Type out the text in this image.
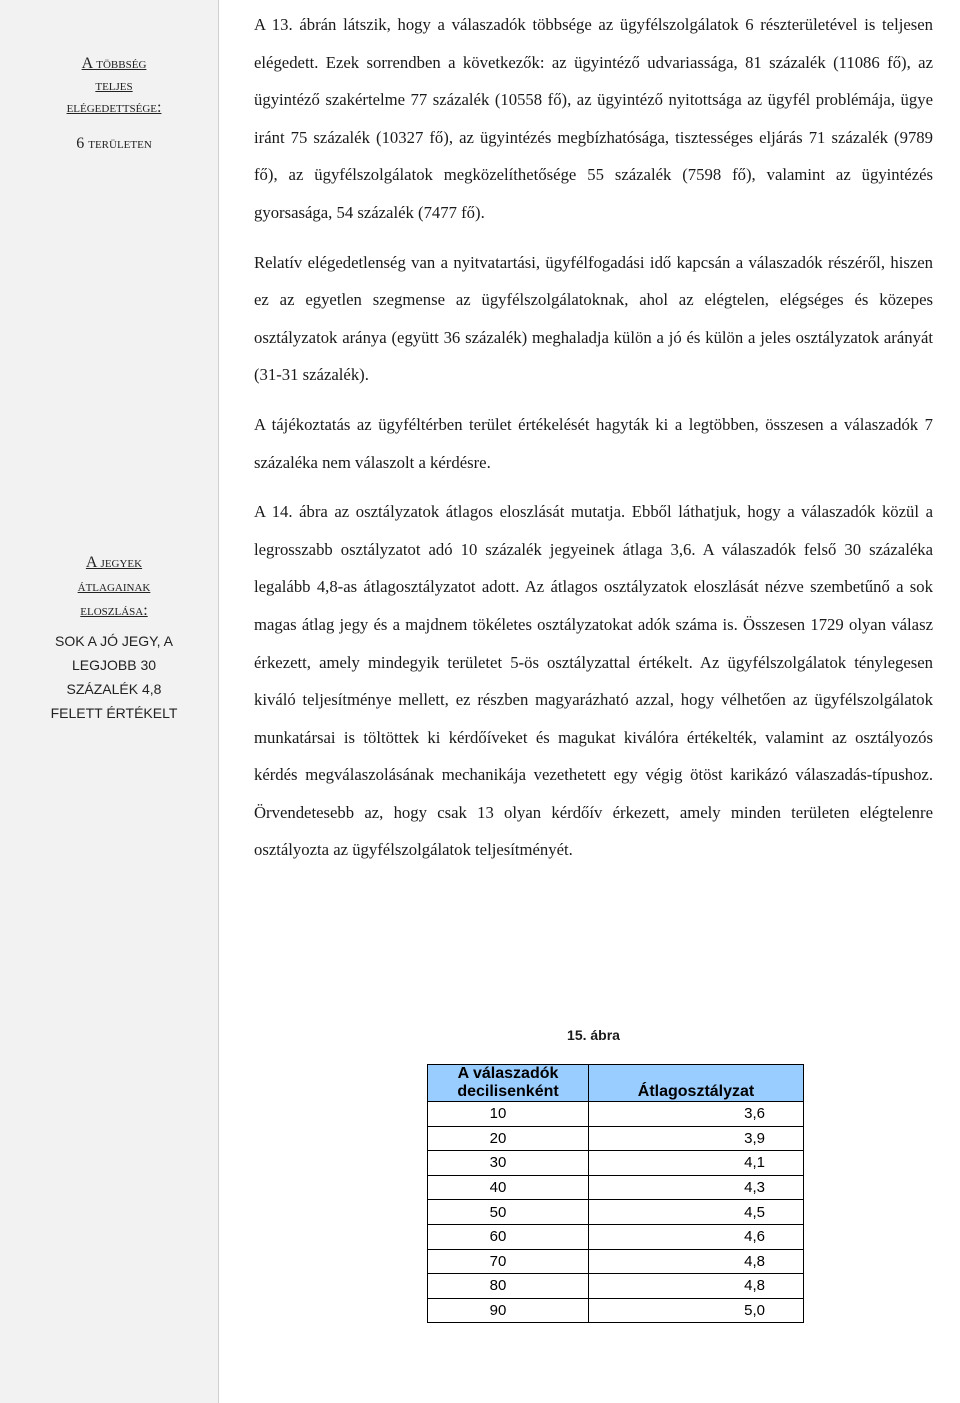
A többség
teljes
elégedettsége:
6 területen
A jegyek
átlagainak
eloszlása:
SOK A JÓ JEGY, A
LEGJOBB 30
SZÁZALÉK 4,8
FELETT ÉRTÉKELT

A 13. ábrán látszik, hogy a válaszadók többsége az ügyfélszolgálatok 6 részterületével is teljesen elégedett. Ezek sorrendben a következők: az ügyintéző udvariassága, 81 százalék (11086 fő), az ügyintéző szakértelme 77 százalék (10558 fő), az ügyintéző nyitottsága az ügyfél problémája, ügye iránt 75 százalék (10327 fő), az ügyintézés megbízhatósága, tisztességes eljárás 71 százalék (9789 fő), az ügyfélszolgálatok megközelíthetősége 55 százalék (7598 fő), valamint az ügyintézés gyorsasága, 54 százalék (7477 fő).

Relatív elégedetlenség van a nyitvatartási, ügyfélfogadási idő kapcsán a válaszadók részéről, hiszen ez az egyetlen szegmense az ügyfélszolgálatoknak, ahol az elégtelen, elégséges és közepes osztályzatok aránya (együtt 36 százalék) meghaladja külön a jó és külön a jeles osztályzatok arányát (31-31 százalék).

A tájékoztatás az ügyféltérben terület értékelését hagyták ki a legtöbben, összesen a válaszadók 7 százaléka nem válaszolt a kérdésre.

A 14. ábra az osztályzatok átlagos eloszlását mutatja. Ebből láthatjuk, hogy a válaszadók közül a legrosszabb osztályzatot adó 10 százalék jegyeinek átlaga 3,6. A válaszadók felső 30 százaléka legalább 4,8-as átlagosztályzatot adott. Az átlagos osztályzatok eloszlását nézve szembetűnő a sok magas átlag jegy és a majdnem tökéletes osztályzatokat adók száma is. Összesen 1729 olyan válasz érkezett, amely mindegyik területet 5-ös osztályzattal értékelt. Az ügyfélszolgálatok ténylegesen kiváló teljesítménye mellett, ez részben magyarázható azzal, hogy vélhetően az ügyfélszolgálatok munkatársai is töltöttek ki kérdőíveket és magukat kiválóra értékelték, valamint az osztályozós kérdés megválaszolásának mechanikája vezethetett egy végig ötöst karikázó válaszadás-típushoz. Örvendetesebb az, hogy csak 13 olyan kérdőív érkezett, amely minden területen elégtelenre osztályozta az ügyfélszolgálatok teljesítményét.

15. ábra
A válaszadók
decilisenként	Átlagosztályzat
10	3,6
20	3,9
30	4,1
40	4,3
50	4,5
60	4,6
70	4,8
80	4,8
90	5,0
